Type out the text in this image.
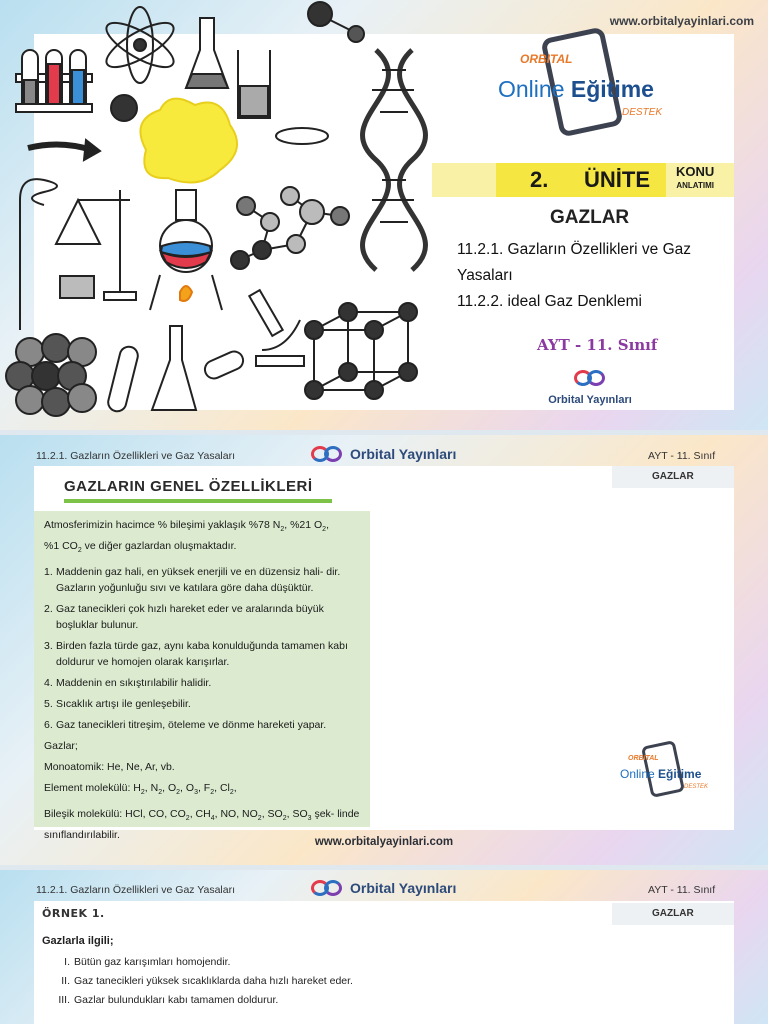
www.orbitalyayinlari.com
ORBITAL
Online Eğitime
DESTEK
2. ÜNİTE KONU
ANLATIMI
GAZLAR
11.2.1. Gazların Özellikleri ve Gaz
Yasaları
11.2.2. ideal Gaz Denklemi
AYT - 11. Sınıf
Orbital Yayınları
11.2.1. Gazların Özellikleri ve Gaz Yasaları	Orbital Yayınları	AYT - 11. Sınıf
GAZLAR
GAZLARIN GENEL ÖZELLİKLERİ

Atmosferimizin hacimce % bileşimi yaklaşık %78 $N_2$, %21 $O_2$,
%1 $CO_2$ ve diğer gazlardan oluşmaktadır.

1. Maddenin gaz hali, en yüksek enerjili ve en düzensiz hali- dir. Gazların yoğunluğu sıvı ve katılara göre daha düşüktür.
2. Gaz tanecikleri çok hızlı hareket eder ve aralarında büyük boşluklar bulunur.
3. Birden fazla türde gaz, aynı kaba konulduğunda tamamen kabı doldurur ve homojen olarak karışırlar.
4. Maddenin en sıkıştırılabilir halidir.
5. Sıcaklık artışı ile genleşebilir.
6. Gaz tanecikleri titreşim, öteleme ve dönme hareketi yapar.

Gazlar;

Monoatomik: He, Ne, Ar, vb.

Element molekülü: $H_2$, $N_2$, $O_2$, $O_3$, $F_2$, $Cl_2$,

Bileşik molekülü: HCl, CO, $CO_2$, $CH_4$, NO, $NO_2$, $SO_2$, $SO_3$ şek- linde sınıflandırılabilir.

ORBITAL
Online Eğitime
DESTEK
www.orbitalyayinlari.com
11.2.1. Gazların Özellikleri ve Gaz Yasaları	Orbital Yayınları	AYT - 11. Sınıf
GAZLAR
ÖRNEK 1.
Gazlarla ilgili;
I. Bütün gaz karışımları homojendir.
II. Gaz tanecikleri yüksek sıcaklıklarda daha hızlı hareket eder.
III. Gazlar bulundukları kabı tamamen doldurur.
